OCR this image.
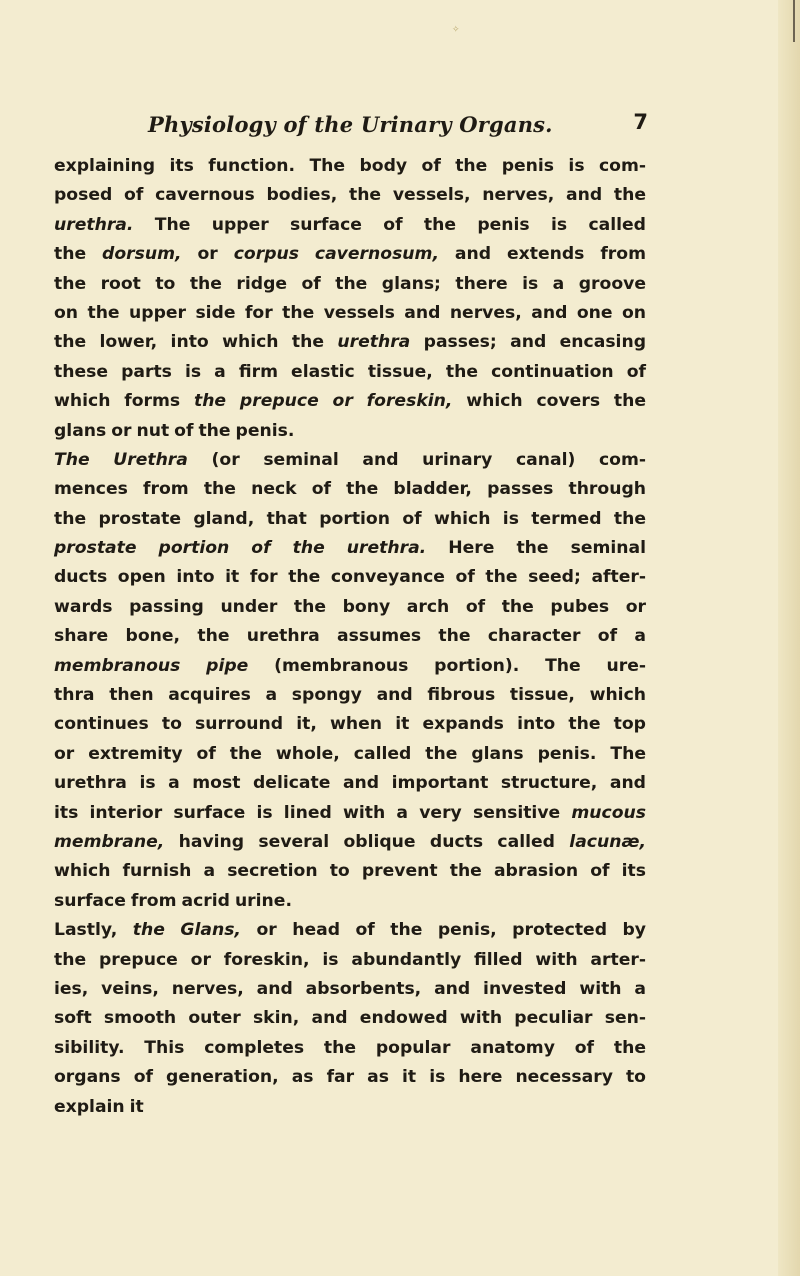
✧
Physiology of the Urinary Organs.	7
explaining its function. The body of the penis is com-
posed of cavernous bodies, the vessels, nerves, and the
urethra. The upper surface of the penis is called
the dorsum, or corpus cavernosum, and extends from
the root to the ridge of the glans; there is a groove
on the upper side for the vessels and nerves, and one on
the lower, into which the urethra passes; and encasing
these parts is a firm elastic tissue, the continuation of
which forms the prepuce or foreskin, which covers the
glans or nut of the penis.
The Urethra (or seminal and urinary canal) com-
mences from the neck of the bladder, passes through
the prostate gland, that portion of which is termed the
prostate portion of the urethra. Here the seminal
ducts open into it for the conveyance of the seed; after-
wards passing under the bony arch of the pubes or
share bone, the urethra assumes the character of a
membranous pipe (membranous portion). The ure-
thra then acquires a spongy and fibrous tissue, which
continues to surround it, when it expands into the top
or extremity of the whole, called the glans penis. The
urethra is a most delicate and important structure, and
its interior surface is lined with a very sensitive mucous
membrane, having several oblique ducts called lacunæ,
which furnish a secretion to prevent the abrasion of its
surface from acrid urine.
Lastly, the Glans, or head of the penis, protected by
the prepuce or foreskin, is abundantly filled with arter-
ies, veins, nerves, and absorbents, and invested with a
soft smooth outer skin, and endowed with peculiar sen-
sibility. This completes the popular anatomy of the
organs of generation, as far as it is here necessary to
explain it
